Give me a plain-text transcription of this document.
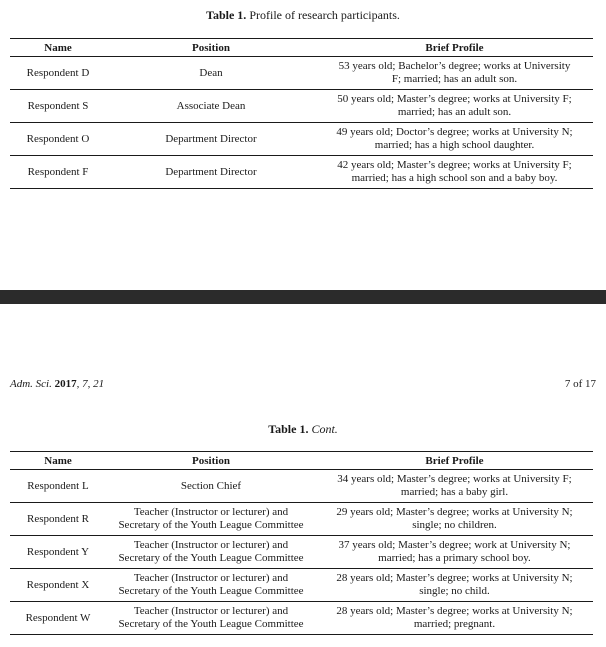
Table 1. Profile of research participants.
Name	Position	Brief Profile
Respondent D	Dean	53 years old; Bachelor’s degree; works at University
F; married; has an adult son.
Respondent S	Associate Dean	50 years old; Master’s degree; works at University F;
married; has an adult son.
Respondent O	Department Director	49 years old; Doctor’s degree; works at University N;
married; has a high school daughter.
Respondent F	Department Director	42 years old; Master’s degree; works at University F;
married; has a high school son and a baby boy.
Adm. Sci. 2017, 7, 21	7 of 17
Table 1. Cont.
Name	Position	Brief Profile
Respondent L	Section Chief	34 years old; Master’s degree; works at University F;
married; has a baby girl.
Respondent R	Teacher (Instructor or lecturer) and
Secretary of the Youth League Committee	29 years old; Master’s degree; works at University N;
single; no children.
Respondent Y	Teacher (Instructor or lecturer) and
Secretary of the Youth League Committee	37 years old; Master’s degree; work at University N;
married; has a primary school boy.
Respondent X	Teacher (Instructor or lecturer) and
Secretary of the Youth League Committee	28 years old; Master’s degree; works at University N;
single; no child.
Respondent W	Teacher (Instructor or lecturer) and
Secretary of the Youth League Committee	28 years old; Master’s degree; works at University N;
married; pregnant.
